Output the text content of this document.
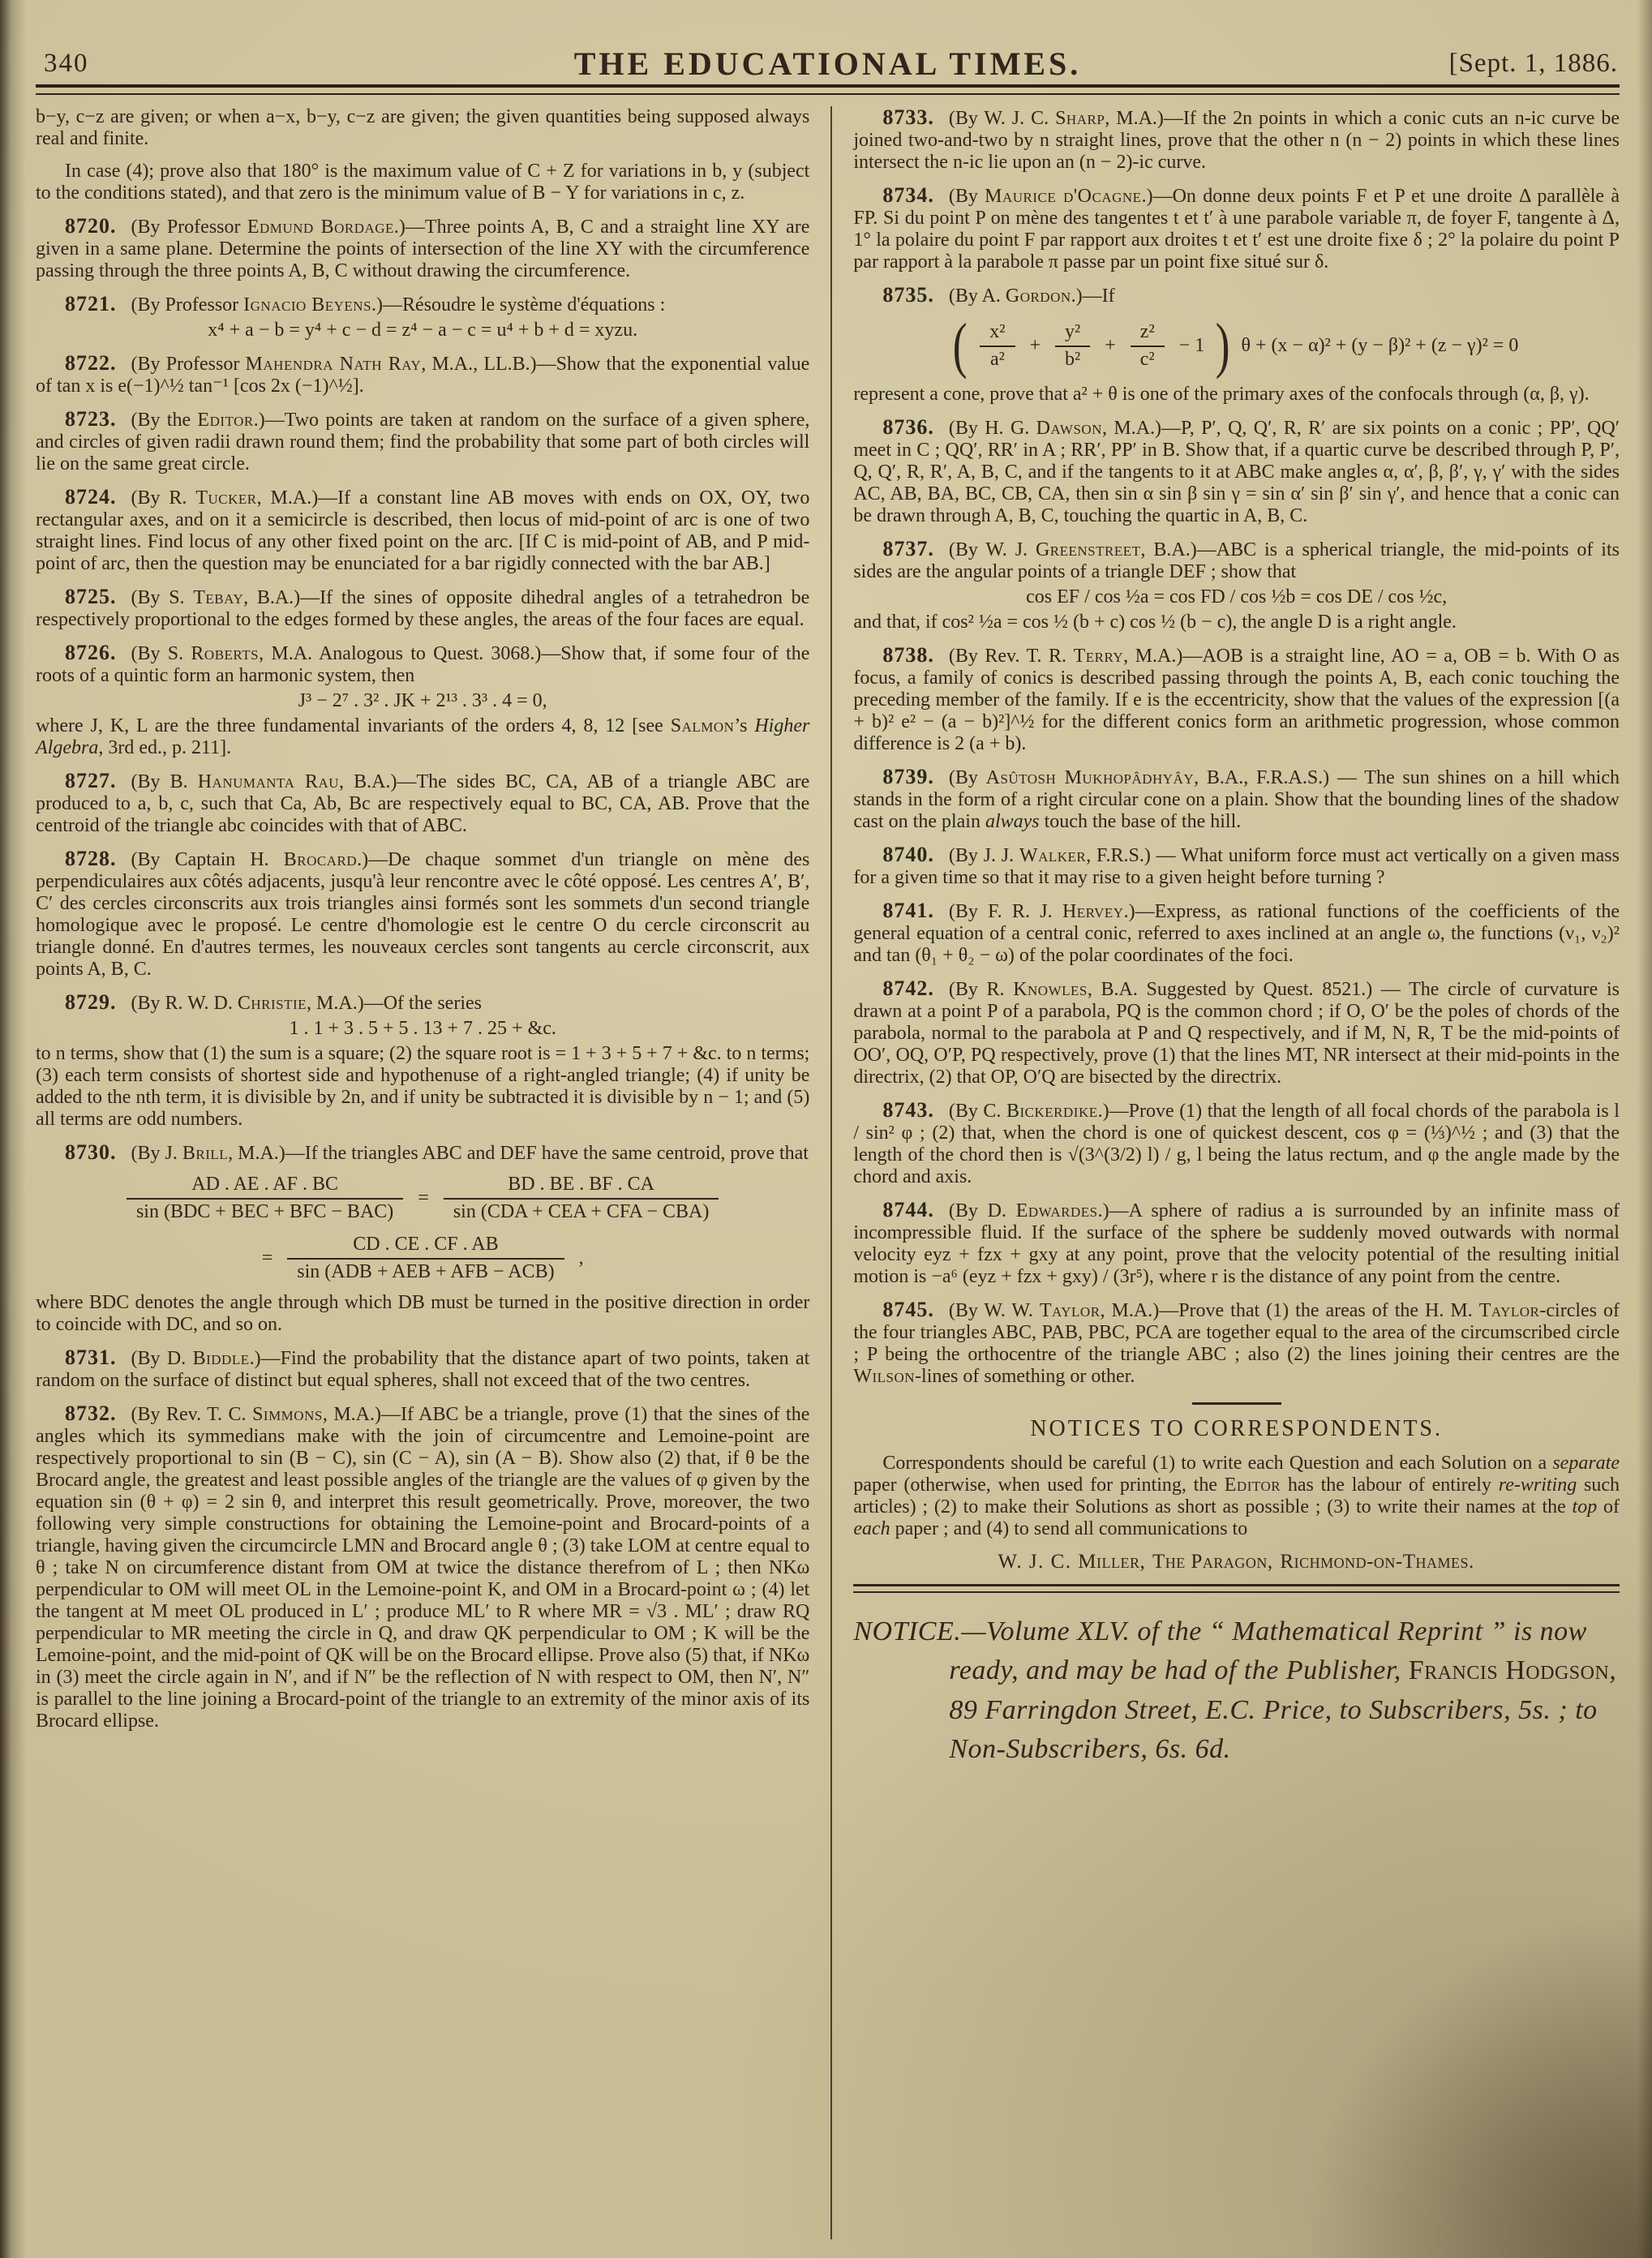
340	THE EDUCATIONAL TIMES.	[Sept. 1, 1886.

b−y, c−z are given; or when a−x, b−y, c−z are given; the given quantities being supposed always real and finite.

In case (4); prove also that 180° is the maximum value of C + Z for variations in b, y (subject to the conditions stated), and that zero is the minimum value of B − Y for variations in c, z.

8720. (By Professor Edmund Bordage.)—Three points A, B, C and a straight line XY are given in a same plane. Determine the points of intersection of the line XY with the circumference passing through the three points A, B, C without drawing the circumference.

8721. (By Professor Ignacio Beyens.)—Résoudre le système d'équations :
x⁴ + a − b = y⁴ + c − d = z⁴ − a − c = u⁴ + b + d = xyzu.

8722. (By Professor Mahendra Nath Ray, M.A., LL.B.)—Show that the exponential value of tan x is e(−1)^½ tan⁻¹ [cos 2x (−1)^½].

8723. (By the Editor.)—Two points are taken at random on the surface of a given sphere, and circles of given radii drawn round them; find the probability that some part of both circles will lie on the same great circle.

8724. (By R. Tucker, M.A.)—If a constant line AB moves with ends on OX, OY, two rectangular axes, and on it a semicircle is described, then locus of mid-point of arc is one of two straight lines. Find locus of any other fixed point on the arc. [If C is mid-point of AB, and P mid-point of arc, then the question may be enunciated for a bar rigidly connected with the bar AB.]

8725. (By S. Tebay, B.A.)—If the sines of opposite dihedral angles of a tetrahedron be respectively proportional to the edges formed by these angles, the areas of the four faces are equal.

8726. (By S. Roberts, M.A. Analogous to Quest. 3068.)—Show that, if some four of the roots of a quintic form an harmonic system, then
J³ − 2⁷ . 3² . JK + 2¹³ . 3³ . 4 = 0,
where J, K, L are the three fundamental invariants of the orders 4, 8, 12 [see Salmon’s Higher Algebra, 3rd ed., p. 211].

8727. (By B. Hanumanta Rau, B.A.)—The sides BC, CA, AB of a triangle ABC are produced to a, b, c, such that Ca, Ab, Bc are respectively equal to BC, CA, AB. Prove that the centroid of the triangle abc coincides with that of ABC.

8728. (By Captain H. Brocard.)—De chaque sommet d'un triangle on mène des perpendiculaires aux côtés adjacents, jusqu'à leur rencontre avec le côté opposé. Les centres A′, B′, C′ des cercles circonscrits aux trois triangles ainsi formés sont les sommets d'un second triangle homologique avec le proposé. Le centre d'homologie est le centre O du cercle circonscrit au triangle donné. En d'autres termes, les nouveaux cercles sont tangents au cercle circonscrit, aux points A, B, C.

8729. (By R. W. D. Christie, M.A.)—Of the series
1 . 1 + 3 . 5 + 5 . 13 + 7 . 25 + &c.
to n terms, show that (1) the sum is a square; (2) the square root is = 1 + 3 + 5 + 7 + &c. to n terms; (3) each term consists of shortest side and hypothenuse of a right-angled triangle; (4) if unity be added to the nth term, it is divisible by 2n, and if unity be subtracted it is divisible by n − 1; and (5) all terms are odd numbers.

8730. (By J. Brill, M.A.)—If the triangles ABC and DEF have the same centroid, prove that
$\frac{AD . AE . AF . BC}{\text{sin (BDC + BEC + BFC − BAC)}} = \frac{BD . BE . BF . CA}{\text{sin (CDA + CEA + CFA − CBA)}}$
= $\frac{CD . CE . CF . AB}{\text{sin (ADB + AEB + AFB − ACB)}}$ ,
where BDC denotes the angle through which DB must be turned in the positive direction in order to coincide with DC, and so on.

8731. (By D. Biddle.)—Find the probability that the distance apart of two points, taken at random on the surface of distinct but equal spheres, shall not exceed that of the two centres.

8732. (By Rev. T. C. Simmons, M.A.)—If ABC be a triangle, prove (1) that the sines of the angles which its symmedians make with the join of circumcentre and Lemoine-point are respectively proportional to sin (B − C), sin (C − A), sin (A − B). Show also (2) that, if θ be the Brocard angle, the greatest and least possible angles of the triangle are the values of φ given by the equation sin (θ + φ) = 2 sin θ, and interpret this result geometrically. Prove, moreover, the two following very simple constructions for obtaining the Lemoine-point and Brocard-points of a triangle, having given the circumcircle LMN and Brocard angle θ ; (3) take LOM at centre equal to θ ; take N on circumference distant from OM at twice the distance therefrom of L ; then NKω perpendicular to OM will meet OL in the Lemoine-point K, and OM in a Brocard-point ω ; (4) let the tangent at M meet OL produced in L′ ; produce ML′ to R where MR = √3 . ML′ ; draw RQ perpendicular to MR meeting the circle in Q, and draw QK perpendicular to OM ; K will be the Lemoine-point, and the mid-point of QK will be on the Brocard ellipse. Prove also (5) that, if NKω in (3) meet the circle again in N′, and if N″ be the reflection of N with respect to OM, then N′, N″ is parallel to the line joining a Brocard-point of the triangle to an extremity of the minor axis of its Brocard ellipse.

8733. (By W. J. C. Sharp, M.A.)—If the 2n points in which a conic cuts an n-ic curve be joined two-and-two by n straight lines, prove that the other n (n − 2) points in which these lines intersect the n-ic lie upon an (n − 2)-ic curve.

8734. (By Maurice d'Ocagne.)—On donne deux points F et P et une droite Δ parallèle à FP. Si du point P on mène des tangentes t et t′ à une parabole variable π, de foyer F, tangente à Δ, 1° la polaire du point F par rapport aux droites t et t′ est une droite fixe δ ; 2° la polaire du point P par rapport à la parabole π passe par un point fixe situé sur δ.

8735. (By A. Gordon.)—If
( $\frac{\text{x²}}{\text{a²}} + \frac{\text{y²}}{\text{b²}} + \frac{\text{z²}}{\text{c²}} - 1$ ) θ + (x − α)² + (y − β)² + (z − γ)² = 0
represent a cone, prove that a² + θ is one of the primary axes of the confocals through (α, β, γ).

8736. (By H. G. Dawson, M.A.)—P, P′, Q, Q′, R, R′ are six points on a conic ; PP′, QQ′ meet in C ; QQ′, RR′ in A ; RR′, PP′ in B. Show that, if a quartic curve be described through P, P′, Q, Q′, R, R′, A, B, C, and if the tangents to it at ABC make angles α, α′, β, β′, γ, γ′ with the sides AC, AB, BA, BC, CB, CA, then sin α sin β sin γ = sin α′ sin β′ sin γ′, and hence that a conic can be drawn through A, B, C, touching the quartic in A, B, C.

8737. (By W. J. Greenstreet, B.A.)—ABC is a spherical triangle, the mid-points of its sides are the angular points of a triangle DEF ; show that
cos EF / cos ½a = cos FD / cos ½b = cos DE / cos ½c,
and that, if cos² ½a = cos ½ (b + c) cos ½ (b − c), the angle D is a right angle.

8738. (By Rev. T. R. Terry, M.A.)—AOB is a straight line, AO = a, OB = b. With O as focus, a family of conics is described passing through the points A, B, each conic touching the preceding member of the family. If e is the eccentricity, show that the values of the expression [(a + b)² e² − (a − b)²]^½ for the different conics form an arithmetic progression, whose common difference is 2 (a + b).

8739. (By Asûtosh Mukhopâdhyây, B.A., F.R.A.S.) — The sun shines on a hill which stands in the form of a right circular cone on a plain. Show that the bounding lines of the shadow cast on the plain always touch the base of the hill.

8740. (By J. J. Walker, F.R.S.) — What uniform force must act vertically on a given mass for a given time so that it may rise to a given height before turning ?

8741. (By F. R. J. Hervey.)—Express, as rational functions of the coefficients of the general equation of a central conic, referred to axes inclined at an angle ω, the functions (ν₁, ν₂)² and tan (θ₁ + θ₂ − ω) of the polar coordinates of the foci.

8742. (By R. Knowles, B.A. Suggested by Quest. 8521.) — The circle of curvature is drawn at a point P of a parabola, PQ is the common chord ; if O, O′ be the poles of chords of the parabola, normal to the parabola at P and Q respectively, and if M, N, R, T be the mid-points of OO′, OQ, O′P, PQ respectively, prove (1) that the lines MT, NR intersect at their mid-points in the directrix, (2) that OP, O′Q are bisected by the directrix.

8743. (By C. Bickerdike.)—Prove (1) that the length of all focal chords of the parabola is l / sin² φ ; (2) that, when the chord is one of quickest descent, cos φ = (⅓)^½ ; and (3) that the length of the chord then is √(3^(3/2) l) / g, l being the latus rectum, and φ the angle made by the chord and axis.

8744. (By D. Edwardes.)—A sphere of radius a is surrounded by an infinite mass of incompressible fluid. If the surface of the sphere be suddenly moved outwards with normal velocity eyz + fzx + gxy at any point, prove that the velocity potential of the resulting initial motion is −a⁶ (eyz + fzx + gxy) / (3r⁵), where r is the distance of any point from the centre.

8745. (By W. W. Taylor, M.A.)—Prove that (1) the areas of the H. M. Taylor-circles of the four triangles ABC, PAB, PBC, PCA are together equal to the area of the circumscribed circle ; P being the orthocentre of the triangle ABC ; also (2) the lines joining their centres are the Wilson-lines of something or other.

NOTICES TO CORRESPONDENTS.

Correspondents should be careful (1) to write each Question and each Solution on a separate paper (otherwise, when used for printing, the Editor has the labour of entirely re-writing such articles) ; (2) to make their Solutions as short as possible ; (3) to write their names at the top of each paper ; and (4) to send all communications to

W. J. C. Miller, The Paragon, Richmond-on-Thames.

NOTICE.—Volume XLV. of the “ Mathematical Reprint ” is now ready, and may be had of the Publisher, Francis Hodgson, 89 Farringdon Street, E.C. Price, to Subscribers, 5s. ; to Non-Subscribers, 6s. 6d.
